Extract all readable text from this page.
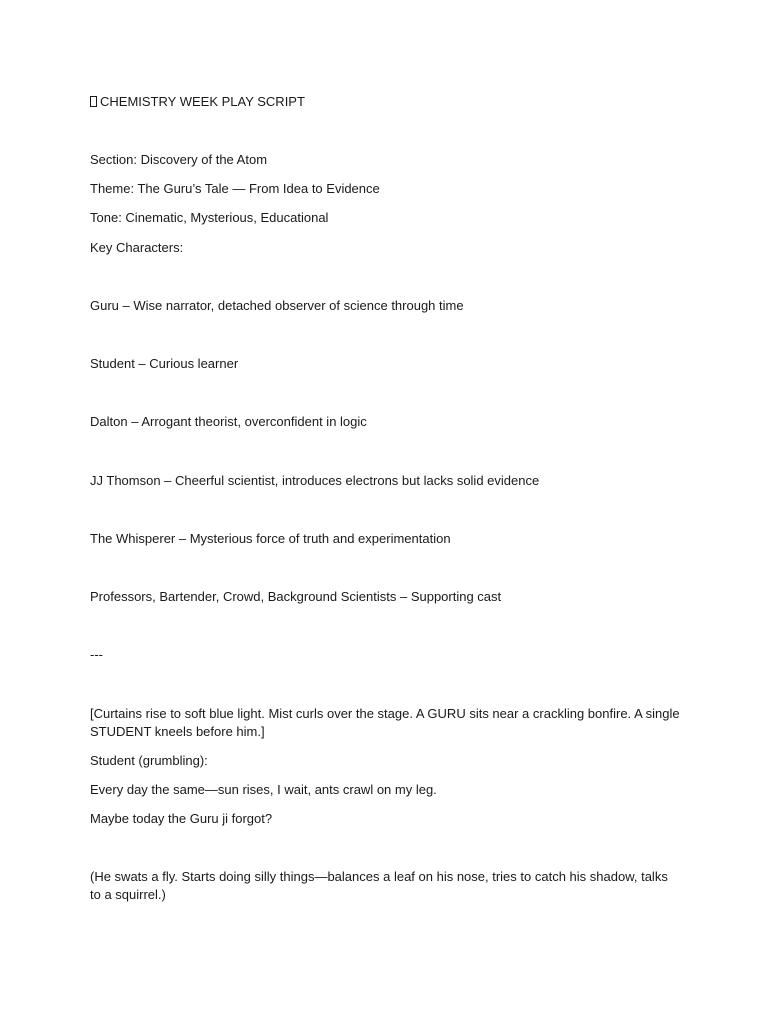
CHEMISTRY WEEK PLAY SCRIPT
Section: Discovery of the Atom
Theme: The Guru’s Tale — From Idea to Evidence
Tone: Cinematic, Mysterious, Educational
Key Characters:
Guru – Wise narrator, detached observer of science through time
Student – Curious learner
Dalton – Arrogant theorist, overconfident in logic
JJ Thomson – Cheerful scientist, introduces electrons but lacks solid evidence
The Whisperer – Mysterious force of truth and experimentation
Professors, Bartender, Crowd, Background Scientists – Supporting cast
---
[Curtains rise to soft blue light. Mist curls over the stage. A GURU sits near a crackling bonfire. A single STUDENT kneels before him.]
Student (grumbling):
Every day the same—sun rises, I wait, ants crawl on my leg.
Maybe today the Guru ji forgot?
(He swats a fly. Starts doing silly things—balances a leaf on his nose, tries to catch his shadow, talks to a squirrel.)
